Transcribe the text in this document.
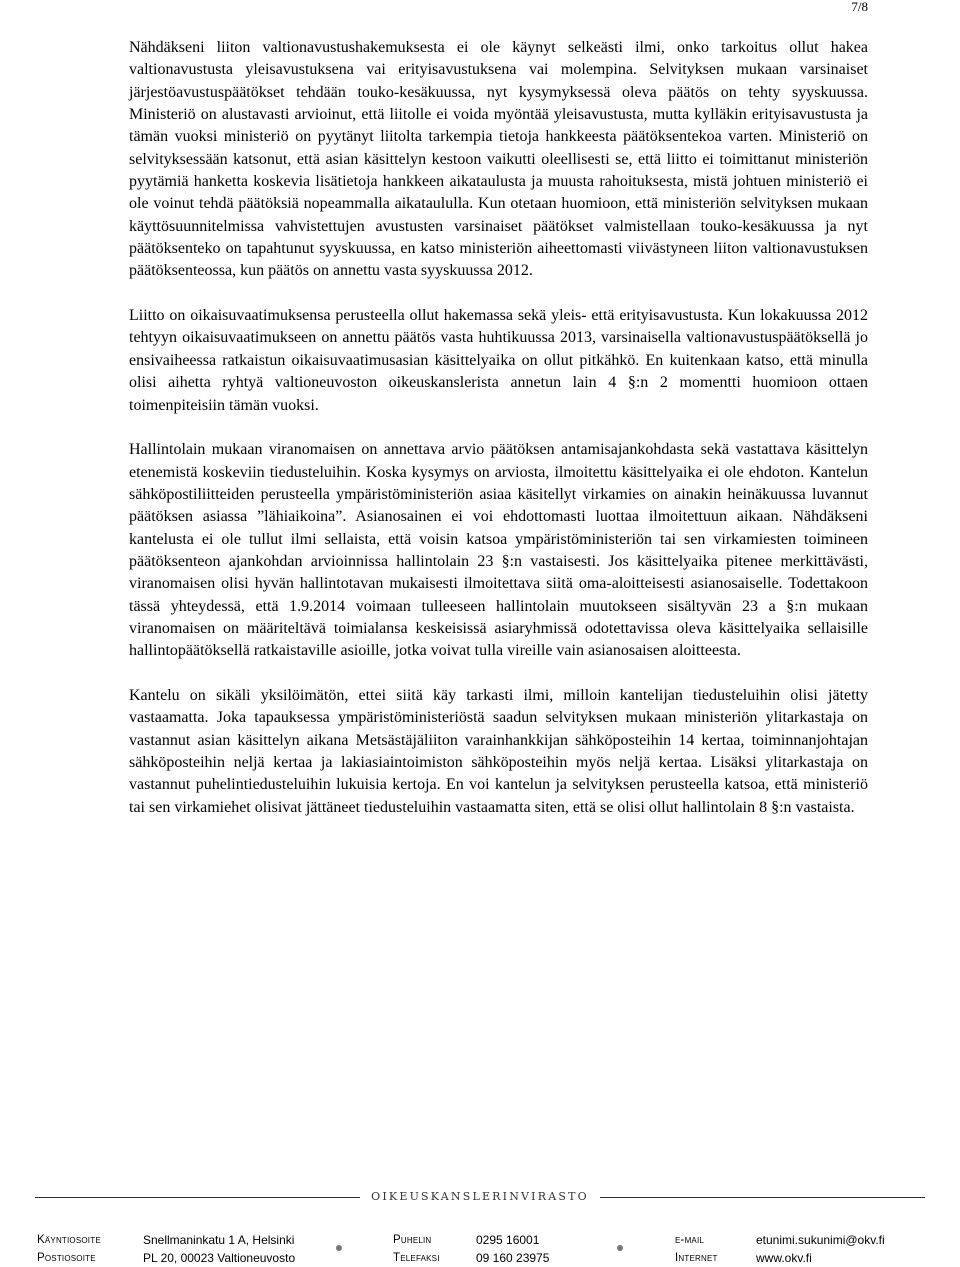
7/8

Nähdäkseni liiton valtionavustushakemuksesta ei ole käynyt selkeästi ilmi, onko tarkoitus ollut hakea valtionavustusta yleisavustuksena vai erityisavustuksena vai molempina. Selvityksen mukaan varsinaiset järjestöavustuspäätökset tehdään touko-kesäkuussa, nyt kysymyksessä oleva päätös on tehty syyskuussa. Ministeriö on alustavasti arvioinut, että liitolle ei voida myöntää yleisavustusta, mutta kylläkin erityisavustusta ja tämän vuoksi ministeriö on pyytänyt liitolta tarkempia tietoja hankkeesta päätöksentekoa varten. Ministeriö on selvityksessään katsonut, että asian käsittelyn kestoon vaikutti oleellisesti se, että liitto ei toimittanut ministeriön pyytämiä hanketta koskevia lisätietoja hankkeen aikataulusta ja muusta rahoituksesta, mistä johtuen ministeriö ei ole voinut tehdä päätöksiä nopeammalla aikataululla. Kun otetaan huomioon, että ministeriön selvityksen mukaan käyttösuunnitelmissa vahvistettujen avustusten varsinaiset päätökset valmistellaan touko-kesäkuussa ja nyt päätöksenteko on tapahtunut syyskuussa, en katso ministeriön aiheettomasti viivästyneen liiton valtionavustuksen päätöksenteossa, kun päätös on annettu vasta syyskuussa 2012.

Liitto on oikaisuvaatimuksensa perusteella ollut hakemassa sekä yleis- että erityisavustusta. Kun lokakuussa 2012 tehtyyn oikaisuvaatimukseen on annettu päätös vasta huhtikuussa 2013, varsinaisella valtionavustuspäätöksellä jo ensivaiheessa ratkaistun oikaisuvaatimusasian käsittelyaika on ollut pitkähkö. En kuitenkaan katso, että minulla olisi aihetta ryhtyä valtioneuvoston oikeuskanslerista annetun lain 4 §:n 2 momentti huomioon ottaen toimenpiteisiin tämän vuoksi.

Hallintolain mukaan viranomaisen on annettava arvio päätöksen antamisajankohdasta sekä vastattava käsittelyn etenemistä koskeviin tiedusteluihin. Koska kysymys on arviosta, ilmoitettu käsittelyaika ei ole ehdoton. Kantelun sähköpostiliitteiden perusteella ympäristöministeriön asiaa käsitellyt virkamies on ainakin heinäkuussa luvannut päätöksen asiassa ”lähiaikoina”. Asianosainen ei voi ehdottomasti luottaa ilmoitettuun aikaan. Nähdäkseni kantelusta ei ole tullut ilmi sellaista, että voisin katsoa ympäristöministeriön tai sen virkamiesten toimineen päätöksenteon ajankohdan arvioinnissa hallintolain 23 §:n vastaisesti. Jos käsittelyaika pitenee merkittävästi, viranomaisen olisi hyvän hallintotavan mukaisesti ilmoitettava siitä oma-aloitteisesti asianosaiselle. Todettakoon tässä yhteydessä, että 1.9.2014 voimaan tulleeseen hallintolain muutokseen sisältyvän 23 a §:n mukaan viranomaisen on määriteltävä toimialansa keskeisissä asiaryhmissä odotettavissa oleva käsittelyaika sellaisille hallintopäätöksellä ratkaistaville asioille, jotka voivat tulla vireille vain asianosaisen aloitteesta.

Kantelu on sikäli yksilöimätön, ettei siitä käy tarkasti ilmi, milloin kantelijan tiedusteluihin olisi jätetty vastaamatta. Joka tapauksessa ympäristöministeriöstä saadun selvityksen mukaan ministeriön ylitarkastaja on vastannut asian käsittelyn aikana Metsästäjäliiton varainhankkijan sähköposteihin 14 kertaa, toiminnanjohtajan sähköposteihin neljä kertaa ja lakiasiaintoimiston sähköposteihin myös neljä kertaa. Lisäksi ylitarkastaja on vastannut puhelintiedusteluihin lukuisia kertoja. En voi kantelun ja selvityksen perusteella katsoa, että ministeriö tai sen virkamiehet olisivat jättäneet tiedusteluihin vastaamatta siten, että se olisi ollut hallintolain 8 §:n vastaista.

OIKEUSKANSLERINVIRASTO
Käyntiosoite	Snellmaninkatu 1 A, Helsinki	Puhelin	0295 16001	e-mail	etunimi.sukunimi@okv.fi
Postiosoite	PL 20, 00023 Valtioneuvosto	Telefaksi	09 160 23975	Internet	www.okv.fi
